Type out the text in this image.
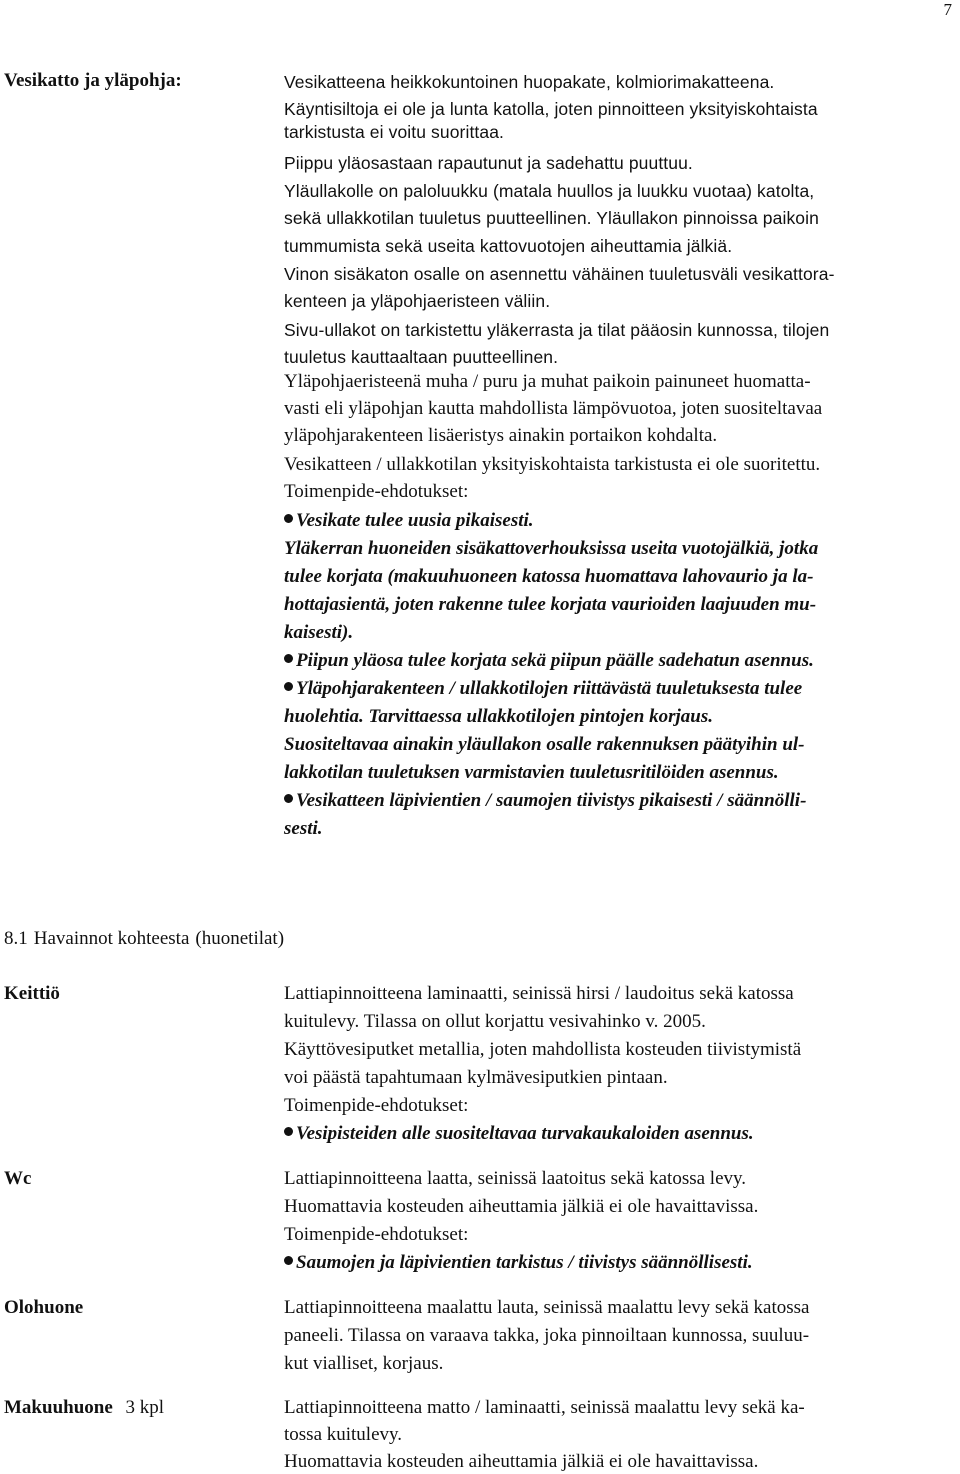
7
Vesikatto ja yläpohja:	Vesikatteena heikkokuntoinen huopakate, kolmiorimakatteena.
Käyntisiltoja ei ole ja lunta katolla, joten pinnoitteen yksityiskohtaista
tarkistusta ei voitu suorittaa.
Piippu yläosastaan rapautunut ja sadehattu puuttuu.
Yläullakolle on paloluukku (matala huullos ja luukku vuotaa) katolta,
sekä ullakkotilan tuuletus puutteellinen. Yläullakon pinnoissa paikoin
tummumista sekä useita kattovuotojen aiheuttamia jälkiä.
Vinon sisäkaton osalle on asennettu vähäinen tuuletusväli vesikattora-
kenteen ja yläpohjaeristeen väliin.
Sivu-ullakot on tarkistettu yläkerrasta ja tilat pääosin kunnossa, tilojen
tuuletus kauttaaltaan puutteellinen.
Yläpohjaeristeenä muha / puru ja muhat paikoin painuneet huomatta-
vasti eli yläpohjan kautta mahdollista lämpövuotoa, joten suositeltavaa
yläpohjarakenteen lisäeristys ainakin portaikon kohdalta.
Vesikatteen / ullakkotilan yksityiskohtaista tarkistusta ei ole suoritettu.
Toimenpide-ehdotukset:
Vesikate tulee uusia pikaisesti.
Yläkerran huoneiden sisäkattoverhouksissa useita vuotojälkiä, jotka
tulee korjata (makuuhuoneen katossa huomattava lahovaurio ja la-
hottajasientä, joten rakenne tulee korjata vaurioiden laajuuden mu-
kaisesti).
Piipun yläosa tulee korjata sekä piipun päälle sadehatun asennus.
Yläpohjarakenteen / ullakkotilojen riittävästä tuuletuksesta tulee
huolehtia. Tarvittaessa ullakkotilojen pintojen korjaus.
Suositeltavaa ainakin yläullakon osalle rakennuksen päätyihin ul-
lakkotilan tuuletuksen varmistavien tuuletusritilöiden asennus.
Vesikatteen läpivientien / saumojen tiivistys pikaisesti / säännölli-
sesti.
8.1 Havainnot kohteesta (huonetilat)
Keittiö	Lattiapinnoitteena laminaatti, seinissä hirsi / laudoitus sekä katossa
kuitulevy. Tilassa on ollut korjattu vesivahinko v. 2005.
Käyttövesiputket metallia, joten mahdollista kosteuden tiivistymistä
voi päästä tapahtumaan kylmävesiputkien pintaan.
Toimenpide-ehdotukset:
Vesipisteiden alle suositeltavaa turvakaukaloiden asennus.
Wc	Lattiapinnoitteena laatta, seinissä laatoitus sekä katossa levy.
Huomattavia kosteuden aiheuttamia jälkiä ei ole havaittavissa.
Toimenpide-ehdotukset:
Saumojen ja läpivientien tarkistus / tiivistys säännöllisesti.
Olohuone	Lattiapinnoitteena maalattu lauta, seinissä maalattu levy sekä katossa
paneeli. Tilassa on varaava takka, joka pinnoiltaan kunnossa, suuluu-
kut vialliset, korjaus.
Makuuhuone 3 kpl	Lattiapinnoitteena matto / laminaatti, seinissä maalattu levy sekä ka-
tossa kuitulevy.
Huomattavia kosteuden aiheuttamia jälkiä ei ole havaittavissa.
